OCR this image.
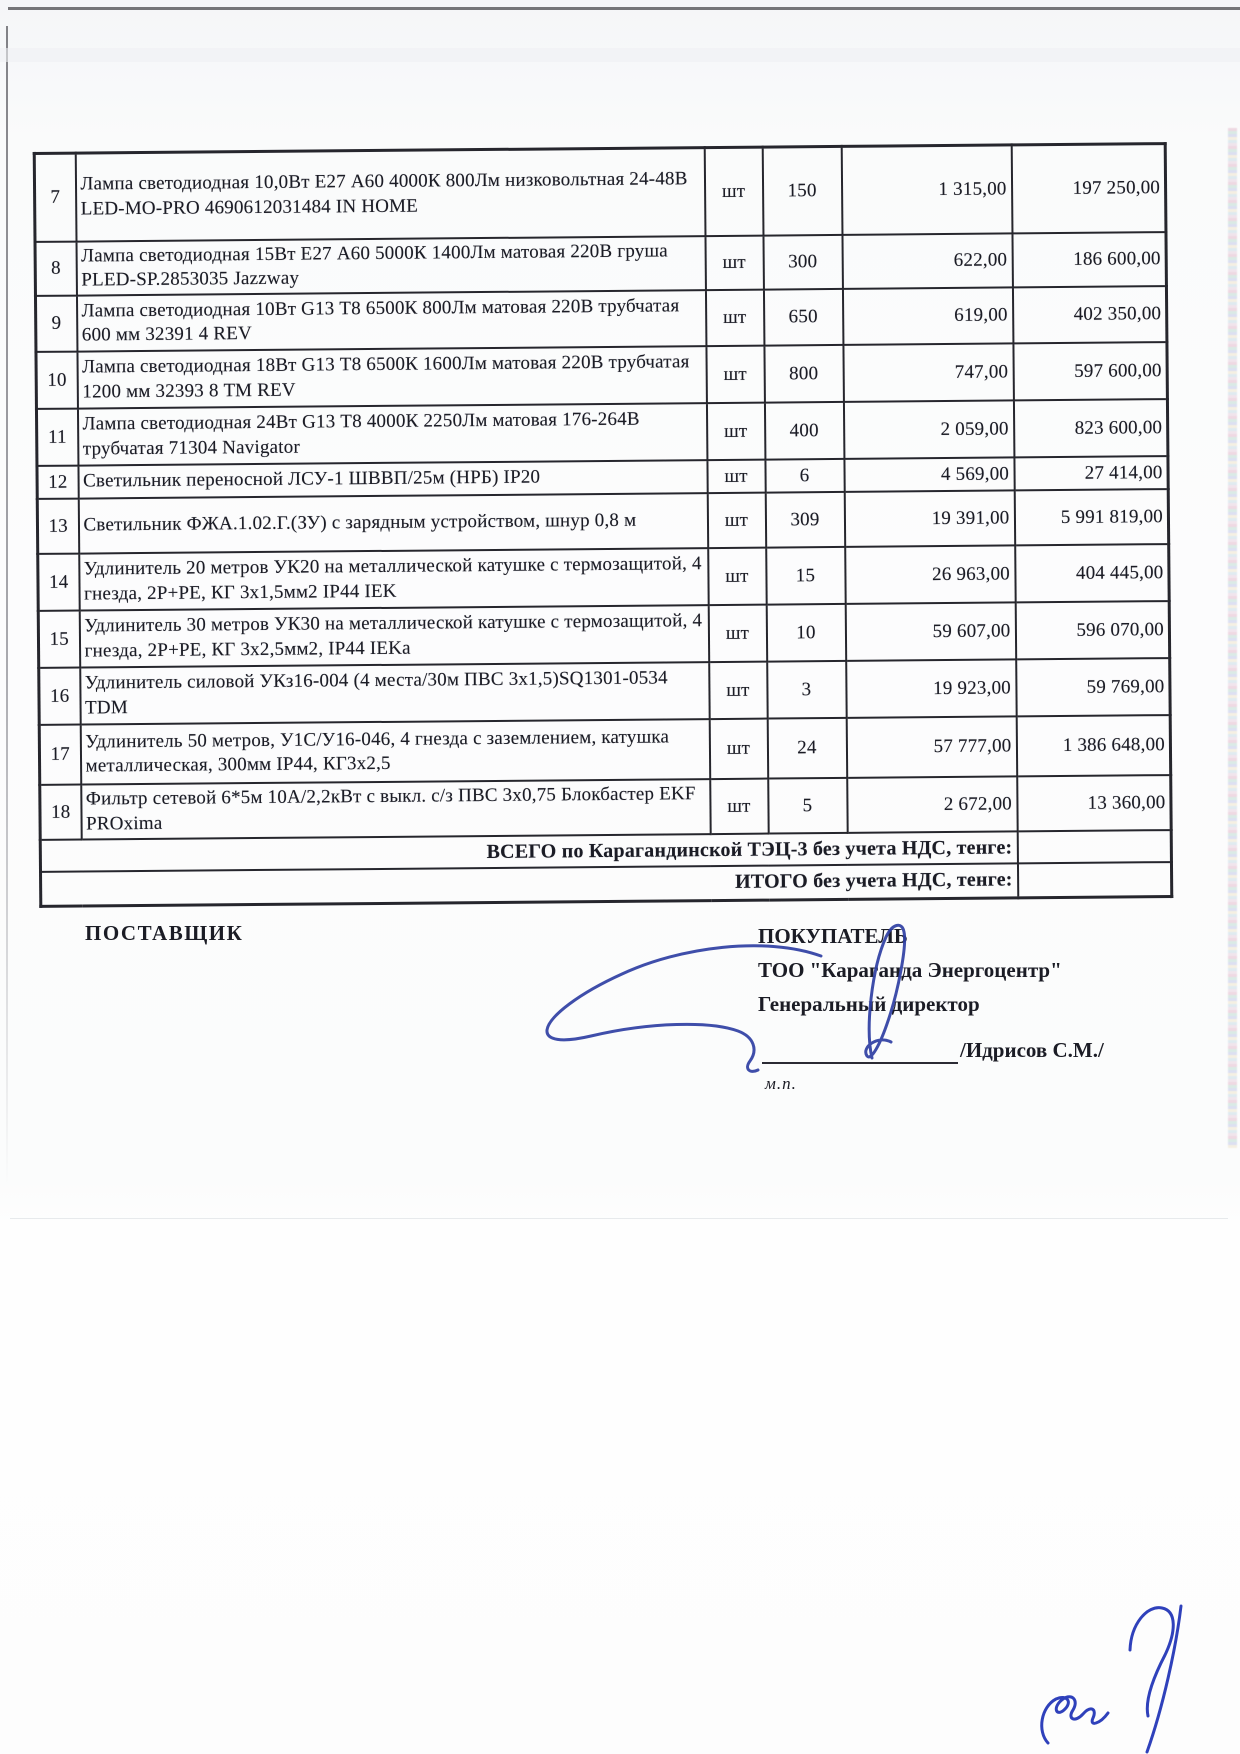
7	Лампа светодиодная 10,0Вт Е27 А60 4000К 800Лм низковольтная 24-48В LED-MO-PRO 4690612031484 IN HOME	шт	150	1 315,00	197 250,00
8	Лампа светодиодная 15Вт Е27 А60 5000К 1400Лм матовая 220В груша PLED-SP.2853035 Jazzway	шт	300	622,00	186 600,00
9	Лампа светодиодная 10Вт G13 Т8 6500К 800Лм матовая 220В трубчатая 600 мм 32391 4 REV	шт	650	619,00	402 350,00
10	Лампа светодиодная 18Вт G13 Т8 6500К 1600Лм матовая 220В трубчатая 1200 мм 32393 8 ТМ REV	шт	800	747,00	597 600,00
11	Лампа светодиодная 24Вт G13 Т8 4000К 2250Лм матовая 176-264В трубчатая 71304 Navigator	шт	400	2 059,00	823 600,00
12	Светильник переносной ЛСУ-1 ШВВП/25м (НРБ) IP20	шт	6	4 569,00	27 414,00
13	Светильник ФЖА.1.02.Г.(ЗУ) с зарядным устройством, шнур 0,8 м	шт	309	19 391,00	5 991 819,00
14	Удлинитель 20 метров УК20 на металлической катушке с термозащитой, 4 гнезда, 2Р+РЕ, КГ 3х1,5мм2 IP44 IEK	шт	15	26 963,00	404 445,00
15	Удлинитель 30 метров УК30 на металлической катушке с термозащитой, 4 гнезда, 2Р+РЕ, КГ 3х2,5мм2, IP44 IEKа	шт	10	59 607,00	596 070,00
16	Удлинитель силовой УКз16-004 (4 места/30м ПВС 3х1,5)SQ1301-0534 TDM	шт	3	19 923,00	59 769,00
17	Удлинитель 50 метров, У1С/У16-046, 4 гнезда с заземлением, катушка металлическая, 300мм IP44, КГ3х2,5	шт	24	57 777,00	1 386 648,00
18	Фильтр сетевой 6*5м 10А/2,2кВт с выкл. с/з ПВС 3х0,75 Блокбастер EKF PROxima	шт	5	2 672,00	13 360,00
ВСЕГО по Карагандинской ТЭЦ-3 без учета НДС, тенге:					
ИТОГО без учета НДС, тенге:					
ПОСТАВЩИК	ПОКУПАТЕЛЬ
ТОО "Караганда Энергоцентр"
Генеральный директор
/Идрисов С.М./
м.п.
